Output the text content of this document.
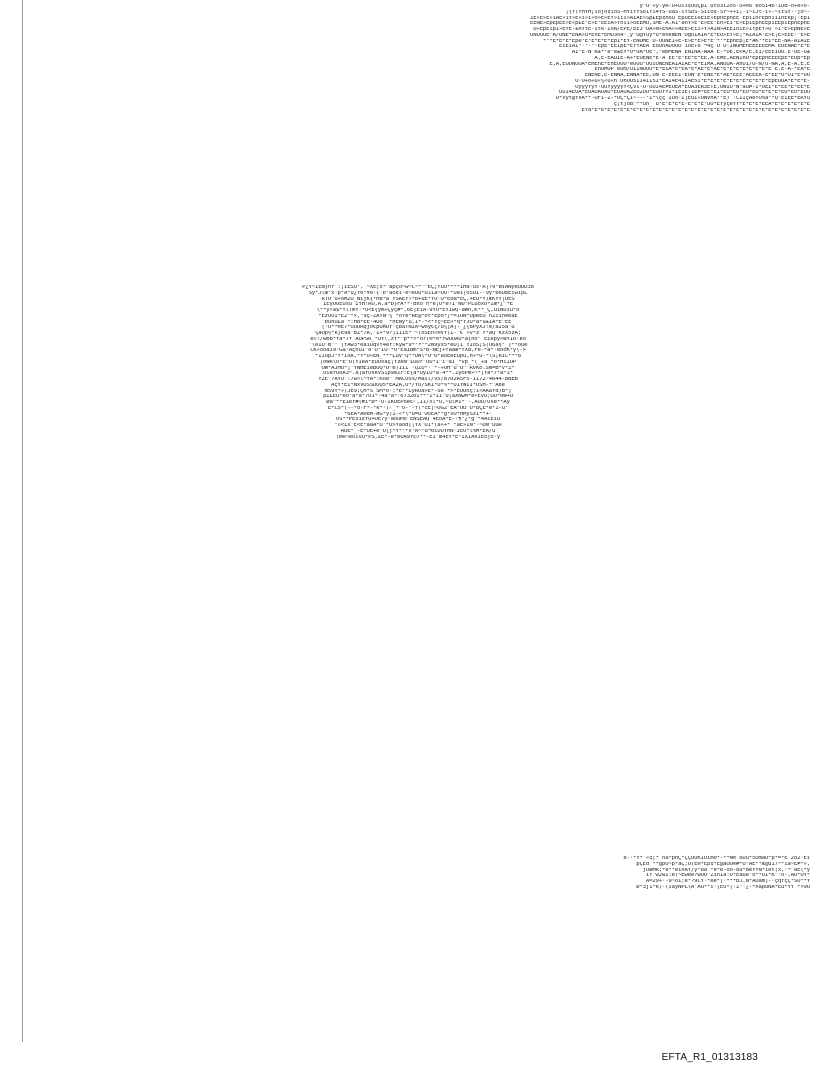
ý™ü·÷ý-ýR-U÷Öïî¢ÖÖÇp1 ütó3î2ô5·U÷®6 ëó5î46·ÍÜB-ó÷e«ô-
¡{Y(YHYH¡ìöjô¢ïôS-HYïÝYŠö1Yï4ÝŠ-üäŠ-iÝŠöŠ-Šïiô¢-ŠÝ~+÷ï¡-ï~ïJt-ï»-~ítŠt·-jô~-
ŽË»Ë»Ë»ïÄË»ïÝ»Ë»ï»ì»ó»Ë»ÈÝ»ïïï»ÄïÀË»Šp£Ëp¢nôü ÈpûËËïßËïË»ËpnËpñËË¯ËpiÏñrËpniïÏñËkp¡·Ëp1
ËËÑË»ËpËpÈË»Ë«p£Ë¹Ë»Ë¹ËËiÄ»Ýñìì»ôËÈMÔ,ïMË-À.Ä1¹äñÝ»Ë¹Ë»ËÈ¹Ëñ»Ëï¹Ë»ÈpîËpñËÈpîËÈpîËpñËpnË
Ó«ËpËïpÏ»ËfË-±ñÝtË-ïtk-ÎóÀ/ËPË/ËÈÏ^ÔÀ»Ñ»ÈñÀ»»ÀÈË»Èïï»Ý»ÀÏÑ»ÀÊÊÏñÏÊ»ÏÝpËÝ»Ô¯»Ì¹Ë»ÈpÑË»Ë
ÓÑÓÓÖÉ^À/ÓÑË*ËÑÀ»üªËñË*ËMÔ3ó4·¸ý™Ó@Ýüý*ü*ëñéÑÈÑ^ÓgÓÏÂÏÀ*Ë*ËÓ»ËÝ»Ë¡*ÀÏÀÏÀ·Ë»Ë¡Ë»ÈÈË·^Ë»Ë
*¹*Ë*Ë*Ë*Ëpè¹Ë¹Ë*Ë*Ë*Ëp1*ÊÝ-ÈÑÓMË Ó-ÓÜÑËÎ÷Ë-Ë»Ë*Ë»Ë*Ë^*¹*ËpñËp¡Ë*ÀK¹*Ëi*ËË-ÑÀ-ÀÎÀÏË
ËiËiÀÍ¹·¹·¹·ËpË¹ËÈÏpË*ËÝÝÀËÀ ÈöÓñÀÓÖÖÓ ïöËT6¯¬4ç¯Ü Ó·ÎÑÖMËñËËÈËËÈMÀ ËÓÈÑÀË*Ë*Ë
ÀÌ¹Ë-Ñ^ë±*¹ë¹ë±ËÝ*Ó*ÓÀ*ÓË¹,°ëÐMËÑÀ ËÑÌÑÀ-ÑÀÀ Ë-*ÓË,ËPÀ/Ë,ËÏ/ËÈËÏÓÓ.Ë·ÓË-Ó±
Ä,Ë-ËÀÖÏÈ-À÷*ÈÓÈÑË*Ë-Ä ËË¹Ë¹ËË*Ë*ËÊ,À-ËMË,ÀËÑÌñÒ*ËpËpñËÈËÈpË*ÊÓp*Ëp
Ë,Ä,ËÓÓÑÓÖÀ*ËmËñË*ËñËÓÓÓ¹ëÓÓÖ¹ÓÓïÖÑËÑËÀÏÀÏÀË*Ë*ËÏMÀ,ÀÑÓÛÀ-ÀñÓÎ/Ó-Ñ/Ó-ÑÀ,Ä,Ë-Ä,Ë,Ë
ËñÓMÓP ëÓm/ÓÏÏÑÓÓÓ*Ë*ËiÀ*Ë*ÈÀ*Ë*ÀÈ*Ë*ÀÈ*Ë*Ë*Ë*Ë*Ë*Ë*Ë*Ë Ë.Ë-Ä-*ËÀ*Ë
ËÑËÑË,Ë-ÉÑÑÀ,ËÑÑÀ*ÈÈ,ÓÑ Ë·ÈÈÈÏ·ËÓÑ^Ë*ËÑÈ*Ë*ÀË*ËËÈ¹ÀÈÈËÀ-Ë*ÈÈ*Ó*ÓÏ*Ë*ÓÓ
Ó·Ö÷ô÷ü«¼«ü«ñ ÔhÖÓ5ÍÏ4ÎÏ5Ï*ËÀÏ4Ë4ÏÏ4Ë5Ï*Ë*Ë*Ë*Ë*Ë*Ë*Ë*Ë*Ë*Ë*ËpËÓÓÀ*Ë*Ë*Ë-
ÓýýýÝýÝ·ÓuÝýýýýÝ<ÇVï-Ö·ÛÜÌ4ÈÞÈÓÈÀ*ËÓÀ3ËR3ËTË,ÖWÏÓ¹W¹äûÞ-Ï*ÓÈÏ*Ë*ËÈ*Ë*ËÈ*Ë
ÜÜÏ4ËÓÀ*ËÓÀÓÀÓÀÓ*ËÓÀÓÀ2ËÓ2ÜÓ*ËÓÓÝÝÏ*ÏË3ËT1ÈÞ*ËÈ*ËÏ*ËÓ*ËÓ*ËÓ*ËÓ*Ë*Ë*Ë*ËÓ*ËÓ*ËÓÓ
Ü*xyt@ÝVÀ**-ÖFÏ-Z-*ÖÇ*ÇÏ~---¹Ì*\çç ÏÜö-Ì]ËÜÏ«ÖÑVñÀ¹¹Ë) ·CÏÏçÀeÝÖ%a°*Q'ËÏÊÈ*ÈRYü
ç¡tjôB™**ün_¯ü¹Ë¹Ë*Ë*Ë·Ë¹Ë*Ë¹ÜU*ËÝýçëÝÝ*Ë*Ë*Ë*ËËÀ*Ë*Ë*Ë*Ë*Ë*Ë
ËYa*Ë*Ë*Ë*Ë*Ë*Ë*Ë*Ë*Ë*Ë*Ë*Ë*Ë*Ë*Ë*Ë*Ë*Ë*Ë*Ë*Ë*Ë*Ë*Ë*Ë*Ë*Ë*Ë*Ë*Ë*Ë*Ë*Ë*Ë
P¿Ý~ÏËN}hr :¡ìËSÜ¹, ~XË|x*^äpço~w~C~*^™ËÇ¡fuÖ****IHä·üs·R|?9¹WiÀNýëÖDD38
Šy*J(æ¹x·p*À*û¿Y6*¥6·{·b¹âö¢i·ë~ëÖü*ÖJIà~ÖÖ·*Üëî|ô5ÖI-·9y*ë6Ö8ËiwipL
RTÜ^ü÷öMZÖ_NijK{*H8*ä YSÃÈYT*b+üE*ÝÖ·Ü*ËôÑ*ËÇ,+ËÓ*Y)ÆKYÝ|ÕËS
ÌÈyÖÖÈÜsu¯ÏYH!RÖ,Ã,a*Ð}FÅ**·Bnô™ñ*ë¡Ö*ë?Ï'ÑÜ°PLüôxó*Ïæ*¿^*Ë
\**y»a$*YlTmY·*Ü<E{ym÷Çýç#*,6Ë]ËiA-9YÜ*ËÝÌwQ-áWn,K**_Ç,üiÑÜiü*ö
*ÈzÜÜÏ*Ë2³*×,¹9ç-ZAYÑ^¼ *öfë*RË@*ôt*Ëpö*]*=ÏÔN*ÛpëËÜ nZïin®bäË
ÐûñÜ£ä *:H8*ËË·4Öö_ *hËNy*ü,Ï*-*<*Ýç~ËÈ»*q*ÝJÖ*à*ü±ÏÀ*Ë^ËË
[·Ö**®Ë7*ÖùÖRqjö€pÖÀÜÝ·ç8áTNIÀ~wöÿ€ç/u¼]Ä]-_¿{8PyXJ!ë/äÏ5ä'ú
¼äÔp½*k}Ë9ä'BZ*7Ã,'Ì+*9?]ÏÏÏË*'~(öSÈn«®VY)Ì-'€ »v*z Ý*àQ^kzX5zA;
è»!/wbB*fä*7f ÄÜPŠR_*Öt(,zY*™p**>*ór(®*®*YwÜÜÃÚ*ä{ho" Ëiëpy»WÝIö·kö
'\ëÏD'm"" ]fÀw3*ëäiÜqVÝ4ër:Kýw*9*²ª°*2N9yx5*ëÖ[Ï YÏöŠ¡Š(Ü6ä§²_]**öÖé
CK«ôôài9·Gä·ÄçnüÏ™e'Ü¹ÏÖ·*Ó¹ÈäÏBm*Š*B-NËj+fäàæ*fX8,Fë-*ä*·eööK*y\->
*ÏÏÜpJ¹Ý*ÏóÅ,*Ý*Ô»ÈÑ_***LüV^Q**ÔÑ\*Ö^Ü*àöÈëÊüþù,n»*Ü-*\S¡ëIC***8
|öWR\ö*Ë^Ü(YÏëÄ*ËÜÜxàç¡ÝzëÑ^ÏÖDr'ÜÛ*Ï^i^äÏ_*vp_*(_÷ä *ö*HiÏÖP
OW*ÀJHU*¡'ÝNHEiëBÖQ*Ö^è)ÍîÏ ·QZÖ*· *-÷ÔH^ü^Ü^™RvKö.Sm=B*v*Z*
ÜïèrOöÄ3*.ä]äYÖVkVSIp9ëZr:Ë{ä*UyÏÜ*ä-4**.ZyöPm»~*]Ýâ*7*ä*i*
YZË™?AYU :7w»l~ÝÀ*:Köë" MACOS%/Mail/V5/8702A5F5-1172-4644-BBEB
ÄçY*EÍ*NxVÖSSDOQ5*ÈÀ2À,Ü*/YÜ/SKÏ*Ü*%**ÜÏYWÏÏ*ÜSH-*^Ä8ë
m59Ý*»)JË9;ÇH*Š¯ŠM*ô·;*È¹*LyRÖä»Ë*-Šë¨*>*ËÖÜnç;i<ÀÅard)B*]
pÏ£Ëü*ëö¹ä*ä*7Ó1*·4ä¹ä*·67320Ï**¹Ï*ÏÏ^ü|àXÑwM*ë»ËVÜ;ÖÜ*0W+Ö
Øà^**ËIëÝ#(#Ï*Ø*·Ö-ÏKÓËPöë©·,ÏÏ/X(*Ö,~ü\ÞÏ*'-,ÀÜÜ/ÛVe**Äÿ
È*C5*(--*o·F*-*k*·)·_*^O-"-f(*cË]~ÛG2'ËÀ°ÜÜ^Ü*8ÇË*ë*1-ü¹
*6ÉÀ*A®8M-ÆG*ý)1-«*\*ü=ü'Ö©ËÀ**g*xÖ*HMySzI**+·
ÖŠ**PÈsî¢ÝU+ÖË7y·äöÖMö¯ÈNSÉÄQ 4ËöA*Ë-·¶°¿*g^*4ÀìËiü
²¤<ÍX'Ë<Ë*àäÀ*Ü'*Ú>Ýäod[¡ÝX'ÜÏ*(ä»+*`*àÉ»ÏÑ¹·~DN^üüR
ÀÜË*_-Ë*ÜË+ë^Ü]j*Ÿ*¹*s¹Á~°ü¬0iÜÜYhÑ·ÍÈO*l%M*ÈÄ/ü
)mR~eÖivù*PS,£Ë*-ë*ëÖÀ9Ý©7**-ËÌ'm4ËÝ*È°ÌXÏÀVÏÈöjô·ÿ
è-·*Ý* «¢[* ñà*pnÇ*ÇÇÜÜKIÖim0*-**N® ßÖu*5ÖmäÖ*p*=*Ë 2o2·Ëi
pÇÈd¨**gpÖ~p*àÇ;Ü)Ë®*Ëp¢*Ë@äÖÖ®#*Ü¹ÀE**Æ@ü17**iä~ËÞ*»,
jÖæHR;*ë**ëìnAÝ/ý*8â¯*ë*ë-öö-89*8ëÝYÑ*ìet(x,·*^äÊ(*ý
ïÝ'w2wÏ:ë)~Ëwèë?wÖÖ^ZïnÏä:Ö*Ëàùë'ö**ÜÏ*K"·ô-,ÀÜ*ÓÝ*
Ä=29÷·-9~öÏ;e*?9CÝ·*ëe*]·***BJ,Ñ*ÀÜam]-·çqÝçÇ*ŠÖ**Ÿ
Ø*3j1*k(·(iäyNPL\Ä'Àü**i·[ËÖ*|·Z"·¿·*näpÛÑÀ*Ëü*ÝÝ *×9Ü
EFTA_R1_01313183
